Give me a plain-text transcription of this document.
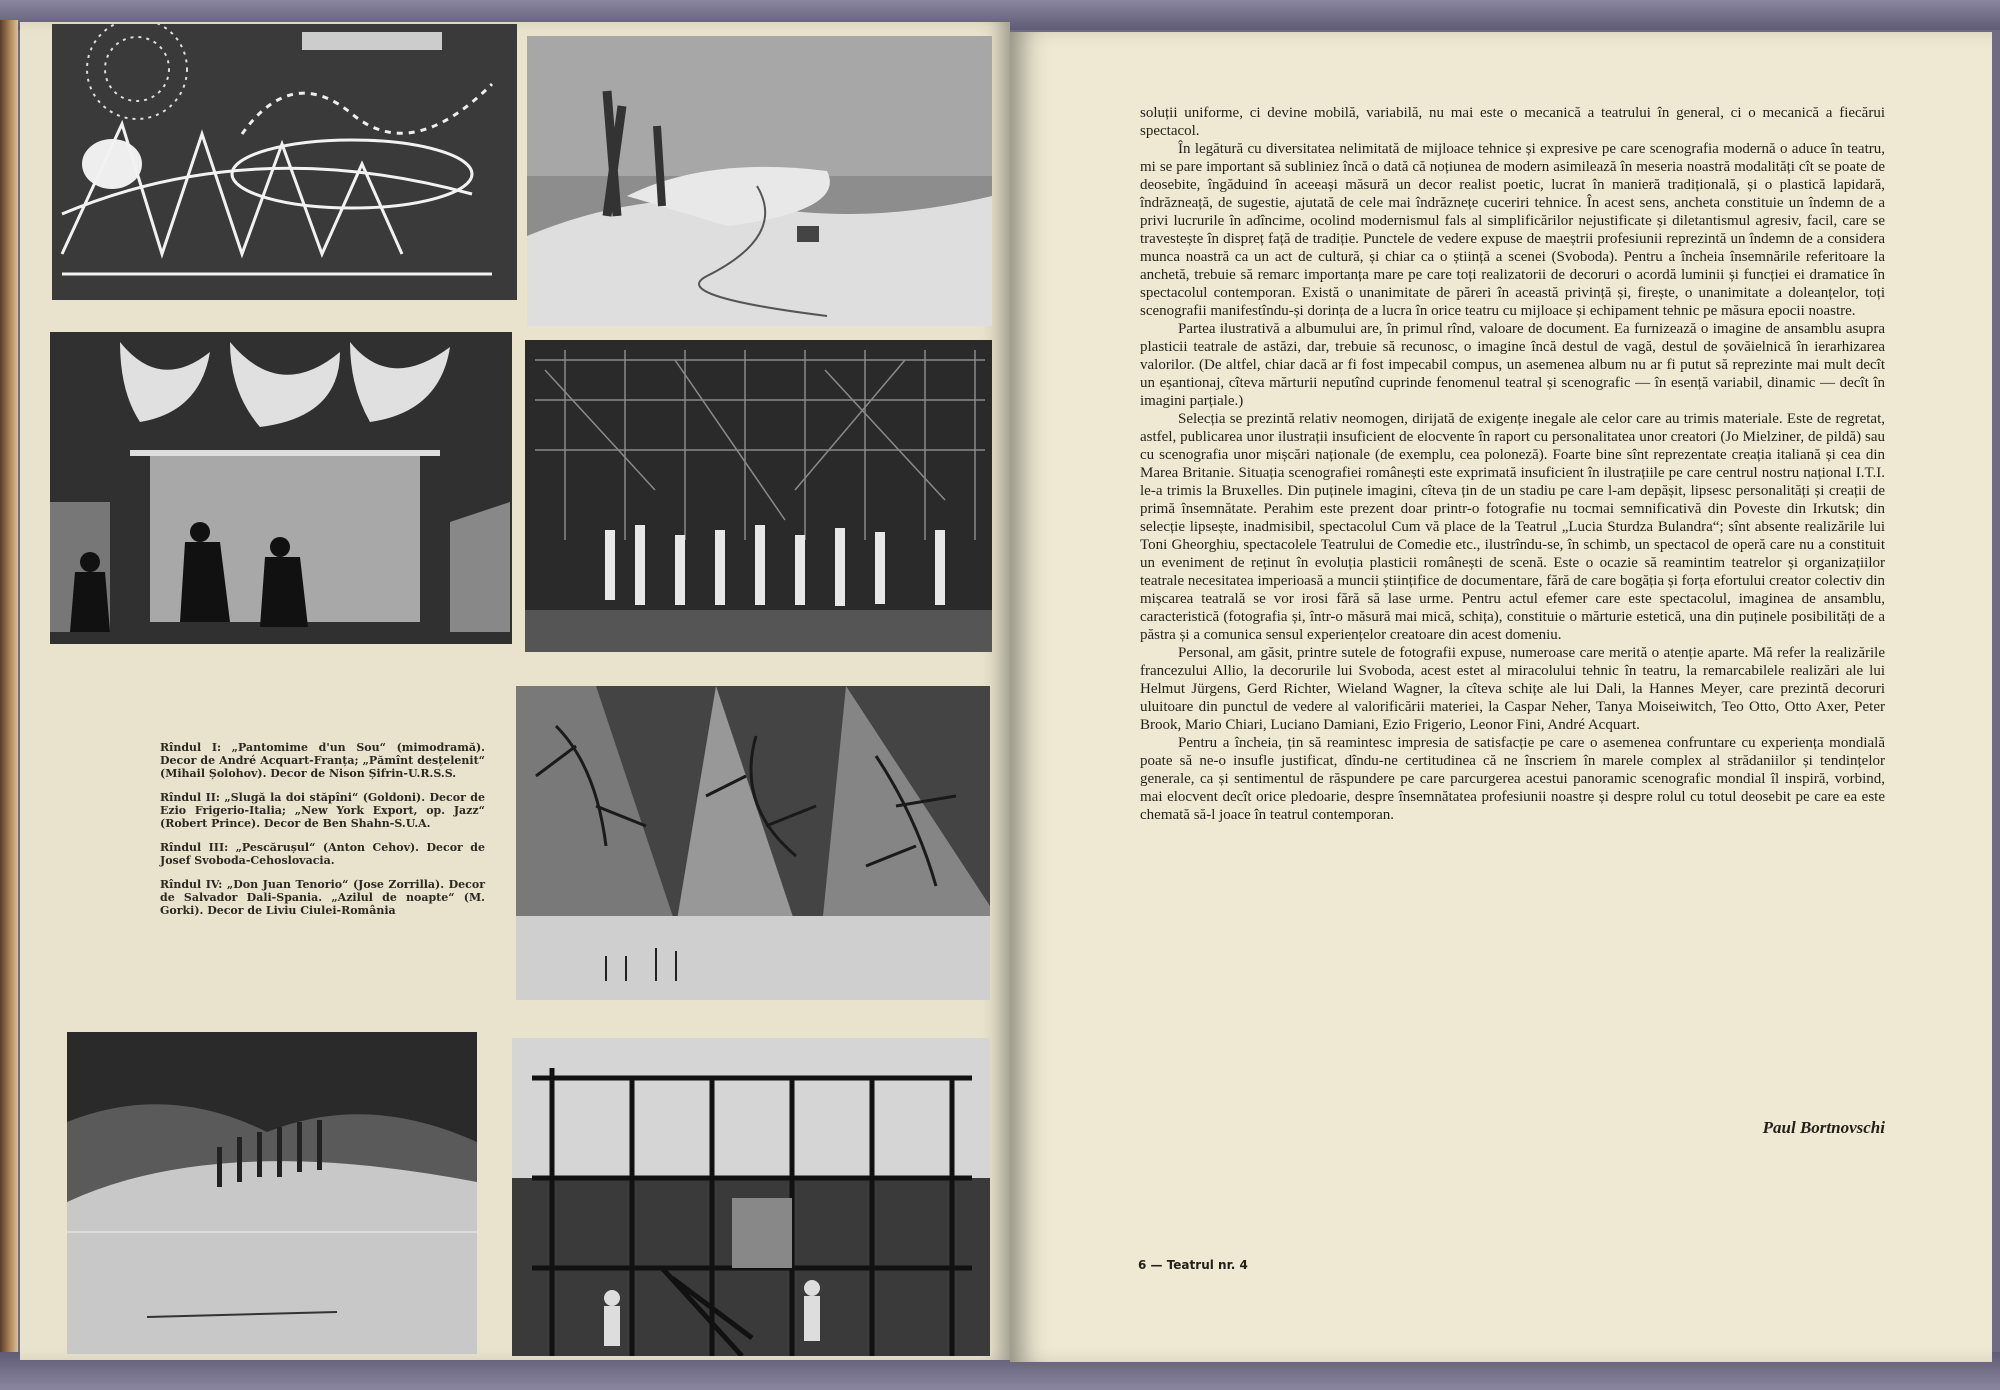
Rîndul I: „Pantomime d'un Sou“ (mimodramă). Decor de André Acquart-Franța; „Pămînt desțelenit“ (Mihail Șolohov). Decor de Nison Șifrin-U.R.S.S.

Rîndul II: „Slugă la doi stăpîni“ (Goldoni). Decor de Ezio Frigerio-Italia; „New York Export, op. Jazz“ (Robert Prince). Decor de Ben Shahn-S.U.A.

Rîndul III: „Pescărușul“ (Anton Cehov). Decor de Josef Svoboda-Cehoslovacia.

Rîndul IV: „Don Juan Tenorio“ (Jose Zorrilla). Decor de Salvador Dali-Spania. „Azilul de noapte“ (M. Gorki). Decor de Liviu Ciulei-România

soluții uniforme, ci devine mobilă, variabilă, nu mai este o mecanică a teatrului în general, ci o mecanică a fiecărui spectacol.

În legătură cu diversitatea nelimitată de mijloace tehnice și expresive pe care scenografia modernă o aduce în teatru, mi se pare important să subliniez încă o dată că noțiunea de modern asimilează în meseria noastră modalități cît se poate de deosebite, îngăduind în aceeași măsură un decor realist poetic, lucrat în manieră tradițională, și o plastică lapidară, îndrăzneață, de sugestie, ajutată de cele mai îndrăznețe cuceriri tehnice. În acest sens, ancheta constituie un îndemn de a privi lucrurile în adîncime, ocolind modernismul fals al simplificărilor nejustificate și diletantismul agresiv, facil, care se travestește în dispreț față de tradiție. Punctele de vedere expuse de maeștrii profesiunii reprezintă un îndemn de a considera munca noastră ca un act de cultură, și chiar ca o știință a scenei (Svoboda). Pentru a încheia însemnările referitoare la anchetă, trebuie să remarc importanța mare pe care toți realizatorii de decoruri o acordă luminii și funcției ei dramatice în spectacolul contemporan. Există o unanimitate de păreri în această privință și, firește, o unanimitate a doleanțelor, toți scenografii manifestîndu-și dorința de a lucra în orice teatru cu mijloace și echipament tehnic pe măsura epocii noastre.

Partea ilustrativă a albumului are, în primul rînd, valoare de document. Ea furnizează o imagine de ansamblu asupra plasticii teatrale de astăzi, dar, trebuie să recunosc, o imagine încă destul de vagă, destul de șovăielnică în ierarhizarea valorilor. (De altfel, chiar dacă ar fi fost impecabil compus, un asemenea album nu ar fi putut să reprezinte mai mult decît un eșantionaj, cîteva mărturii neputînd cuprinde fenomenul teatral și scenografic — în esență variabil, dinamic — decît în imagini parțiale.)

Selecția se prezintă relativ neomogen, dirijată de exigențe inegale ale celor care au trimis materiale. Este de regretat, astfel, publicarea unor ilustrații insuficient de elocvente în raport cu personalitatea unor creatori (Jo Mielziner, de pildă) sau cu scenografia unor mișcări naționale (de exemplu, cea poloneză). Foarte bine sînt reprezentate creația italiană și cea din Marea Britanie. Situația scenografiei românești este exprimată insuficient în ilustrațiile pe care centrul nostru național I.T.I. le-a trimis la Bruxelles. Din puținele imagini, cîteva țin de un stadiu pe care l-am depășit, lipsesc personalități și creații de primă însemnătate. Perahim este prezent doar printr-o fotografie nu tocmai semnificativă din Poveste din Irkutsk; din selecție lipsește, inadmisibil, spectacolul Cum vă place de la Teatrul „Lucia Sturdza Bulandra“; sînt absente realizările lui Toni Gheorghiu, spectacolele Teatrului de Comedie etc., ilustrîndu-se, în schimb, un spectacol de operă care nu a constituit un eveniment de reținut în evoluția plasticii românești de scenă. Este o ocazie să reamintim teatrelor și organizațiilor teatrale necesitatea imperioasă a muncii științifice de documentare, fără de care bogăția și forța efortului creator colectiv din mișcarea teatrală se vor irosi fără să lase urme. Pentru actul efemer care este spectacolul, imaginea de ansamblu, caracteristică (fotografia și, într-o măsură mai mică, schița), constituie o mărturie estetică, una din puținele posibilități de a păstra și a comunica sensul experiențelor creatoare din acest domeniu.

Personal, am găsit, printre sutele de fotografii expuse, numeroase care merită o atenție aparte. Mă refer la realizările francezului Allio, la decorurile lui Svoboda, acest estet al miracolului tehnic în teatru, la remarcabilele realizări ale lui Helmut Jürgens, Gerd Richter, Wieland Wagner, la cîteva schițe ale lui Dali, la Hannes Meyer, care prezintă decoruri uluitoare din punctul de vedere al valorificării materiei, la Caspar Neher, Tanya Moiseiwitch, Teo Otto, Otto Axer, Peter Brook, Mario Chiari, Luciano Damiani, Ezio Frigerio, Leonor Fini, André Acquart.

Pentru a încheia, țin să reamintesc impresia de satisfacție pe care o asemenea confruntare cu experiența mondială poate să ne-o insufle justificat, dîndu-ne certitudinea că ne înscriem în marele complex al strădaniilor și tendințelor generale, ca și sentimentul de răspundere pe care parcurgerea acestui panoramic scenografic mondial îl inspiră, vorbind, mai elocvent decît orice pledoarie, despre însemnătatea profesiunii noastre și despre rolul cu totul deosebit pe care ea este chemată să-l joace în teatrul contemporan.

Paul Bortnovschi
6 — Teatrul nr. 4
